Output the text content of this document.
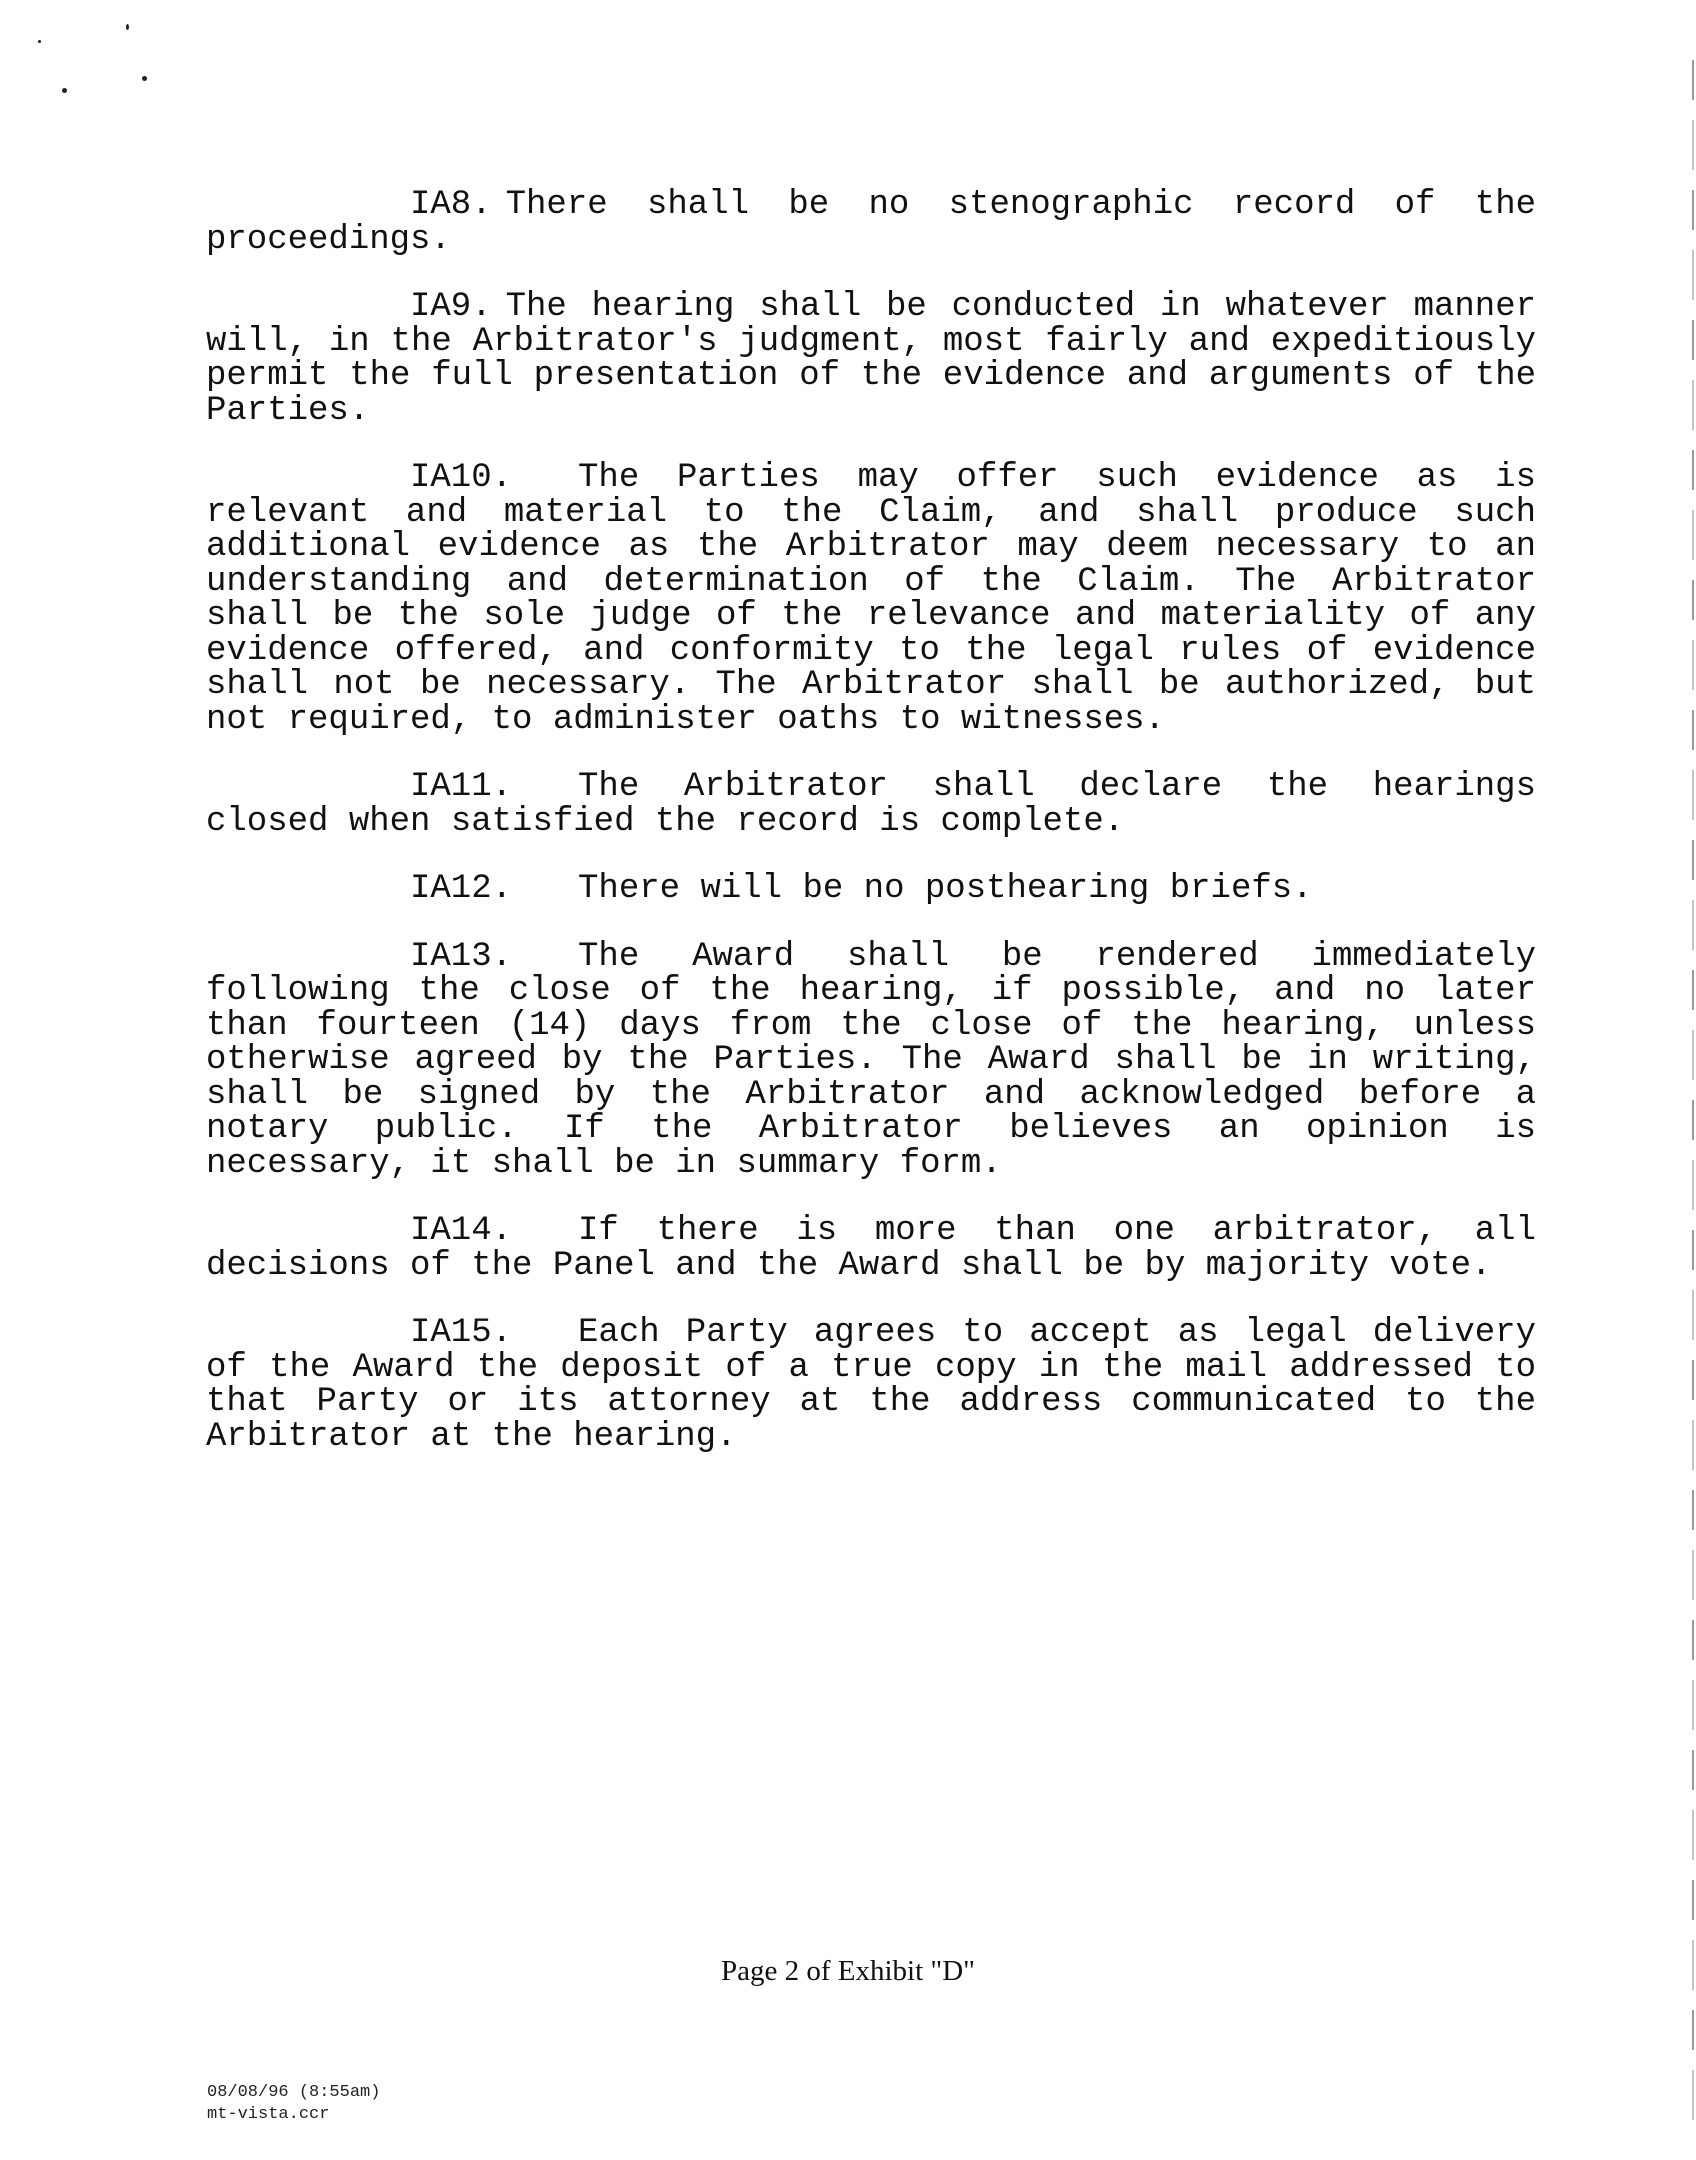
IA8. There shall be no stenographic record of the proceedings.

IA9. The hearing shall be conducted in whatever manner will, in the Arbitrator's judgment, most fairly and expeditiously permit the full presentation of the evidence and arguments of the Parties.

IA10. The Parties may offer such evidence as is relevant and material to the Claim, and shall produce such additional evidence as the Arbitrator may deem necessary to an understanding and determination of the Claim. The Arbitrator shall be the sole judge of the relevance and materiality of any evidence offered, and conformity to the legal rules of evidence shall not be necessary. The Arbitrator shall be authorized, but not required, to administer oaths to witnesses.

IA11. The Arbitrator shall declare the hearings closed when satisfied the record is complete.

IA12. There will be no posthearing briefs.

IA13. The Award shall be rendered immediately following the close of the hearing, if possible, and no later than fourteen (14) days from the close of the hearing, unless otherwise agreed by the Parties. The Award shall be in writing, shall be signed by the Arbitrator and acknowledged before a notary public. If the Arbitrator believes an opinion is necessary, it shall be in summary form.

IA14. If there is more than one arbitrator, all decisions of the Panel and the Award shall be by majority vote.

IA15. Each Party agrees to accept as legal delivery of the Award the deposit of a true copy in the mail addressed to that Party or its attorney at the address communicated to the Arbitrator at the hearing.

Page 2 of Exhibit "D"
08/08/96 (8:55am)
mt-vista.ccr
